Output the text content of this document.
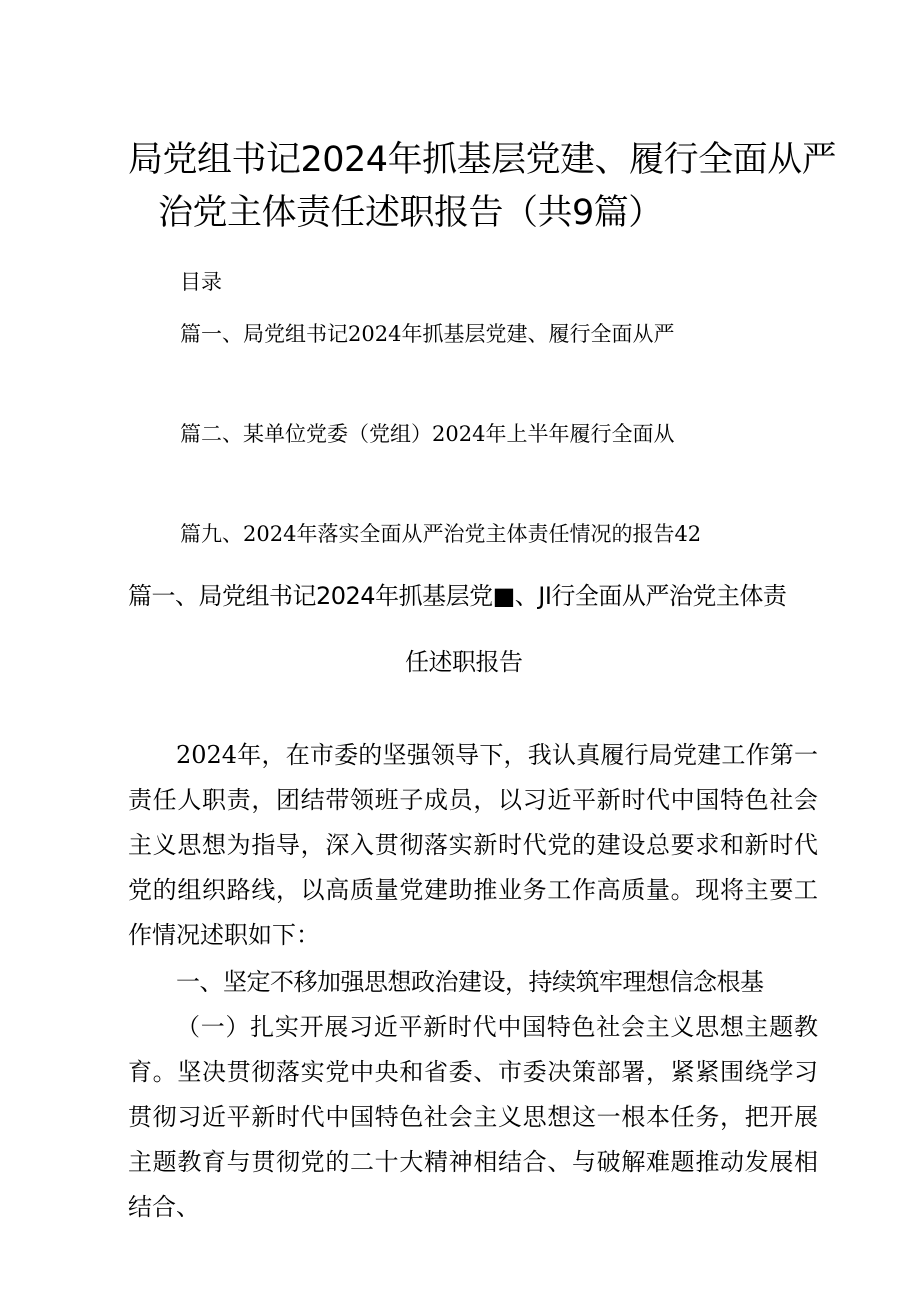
局党组书记2024年抓基层党建、履行全面从严
治党主体责任述职报告（共9篇）
目录
篇一、局党组书记2024年抓基层党建、履行全面从严
篇二、某单位党委（党组）2024年上半年履行全面从
篇九、2024年落实全面从严治党主体责任情况的报告42
篇一、局党组书记2024年抓基层党■、JI行全面从严治党主体责
任述职报告

2024年，在市委的坚强领导下，我认真履行局党建工作第一责任人职责，团结带领班子成员，以习近平新时代中国特色社会主义思想为指导，深入贯彻落实新时代党的建设总要求和新时代党的组织路线，以高质量党建助推业务工作高质量。现将主要工作情况述职如下：

一、坚定不移加强思想政治建设，持续筑牢理想信念根基

（一）扎实开展习近平新时代中国特色社会主义思想主题教育。坚决贯彻落实党中央和省委、市委决策部署，紧紧围绕学习贯彻习近平新时代中国特色社会主义思想这一根本任务，把开展主题教育与贯彻党的二十大精神相结合、与破解难题推动发展相结合、
